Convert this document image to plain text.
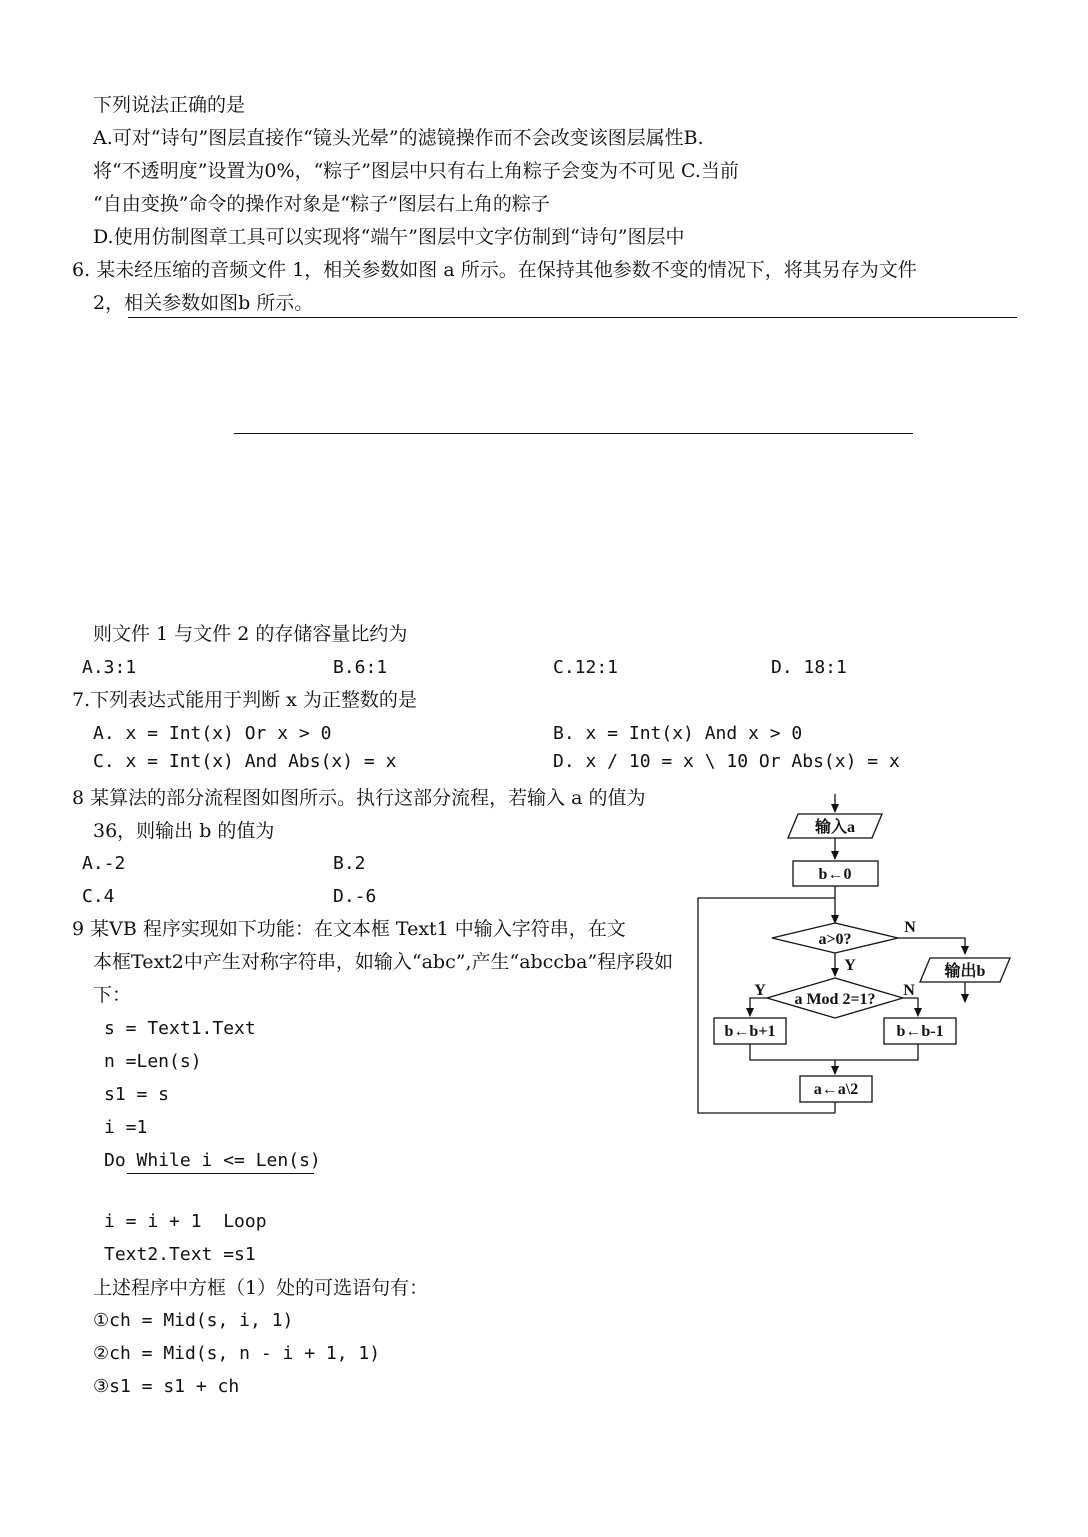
下列说法正确的是
A.可对“诗句”图层直接作“镜头光晕”的滤镜操作而不会改变该图层属性B.
将“不透明度”设置为0%，“粽子”图层中只有右上角粽子会变为不可见 C.当前
“自由变换”命令的操作对象是“粽子”图层右上角的粽子
D.使用仿制图章工具可以实现将“端午”图层中文字仿制到“诗句”图层中
6. 某未经压缩的音频文件 1，相关参数如图 a 所示。在保持其他参数不变的情况下，将其另存为文件
2，相关参数如图b 所示。
则文件 1 与文件 2 的存储容量比约为
A.3:1	B.6:1	C.12:1	D. 18:1
7.下列表达式能用于判断 x 为正整数的是
A. x = Int(x) Or x > 0	B. x = Int(x) And x > 0
C. x = Int(x) And Abs(x) = x	D. x / 10 = x \ 10 Or Abs(x) = x
8 某算法的部分流程图如图所示。执行这部分流程，若输入 a 的值为
36，则输出 b 的值为
A.-2	B.2
C.4	D.-6
9 某VB 程序实现如下功能：在文本框 Text1 中输入字符串，在文
本框Text2中产生对称字符串，如输入“abc”,产生“abccba”程序段如
下：
s = Text1.Text
n =Len(s)
s1 = s
i =1
Do While i <= Len(s)
i = i + 1  Loop
Text2.Text =s1
上述程序中方框（1）处的可选语句有：
①ch = Mid(s, i, 1)
②ch = Mid(s, n - i + 1, 1)
③s1 = s1 + ch
输入a
b←0
a>0?
N
Y	输出b
a Mod 2=1?
Y	N
b←b+1	b←b-1
a←a\2
